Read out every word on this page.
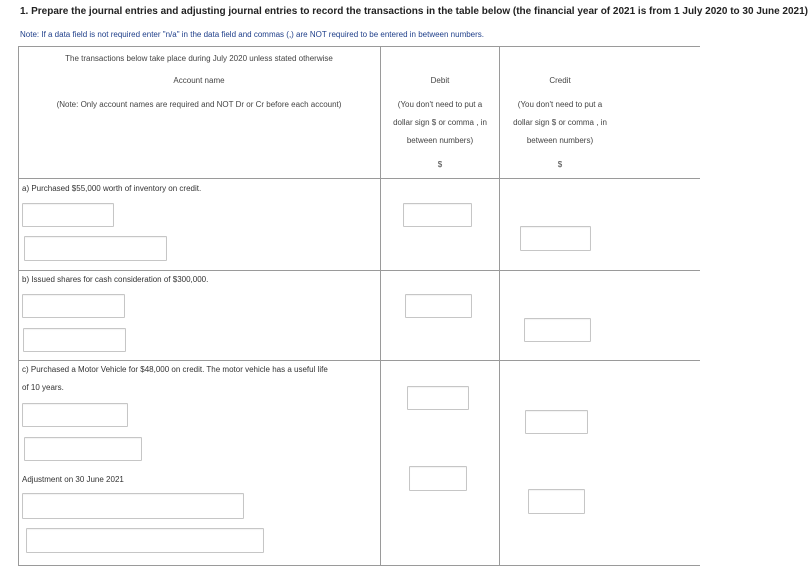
1. Prepare the journal entries and adjusting journal entries to record the transactions in the table below (the financial year of 2021 is from 1 July 2020 to 30 June 2021)
Note: If a data field is not required enter "n/a" in the data field and commas (,) are NOT required to be entered in between numbers.
The transactions below take place during July 2020 unless stated otherwise
Account name
(Note: Only account names are required and NOT Dr or Cr before each account)
Debit
(You don't need to put a
dollar sign $ or comma , in
between numbers)
$
Credit
(You don't need to put a
dollar sign $ or comma , in
between numbers)
$
a) Purchased $55,000 worth of inventory on credit.
b) Issued shares for cash consideration of $300,000.
c) Purchased a Motor Vehicle for $48,000 on credit. The motor vehicle has a useful life
of 10 years.
Adjustment on 30 June 2021
